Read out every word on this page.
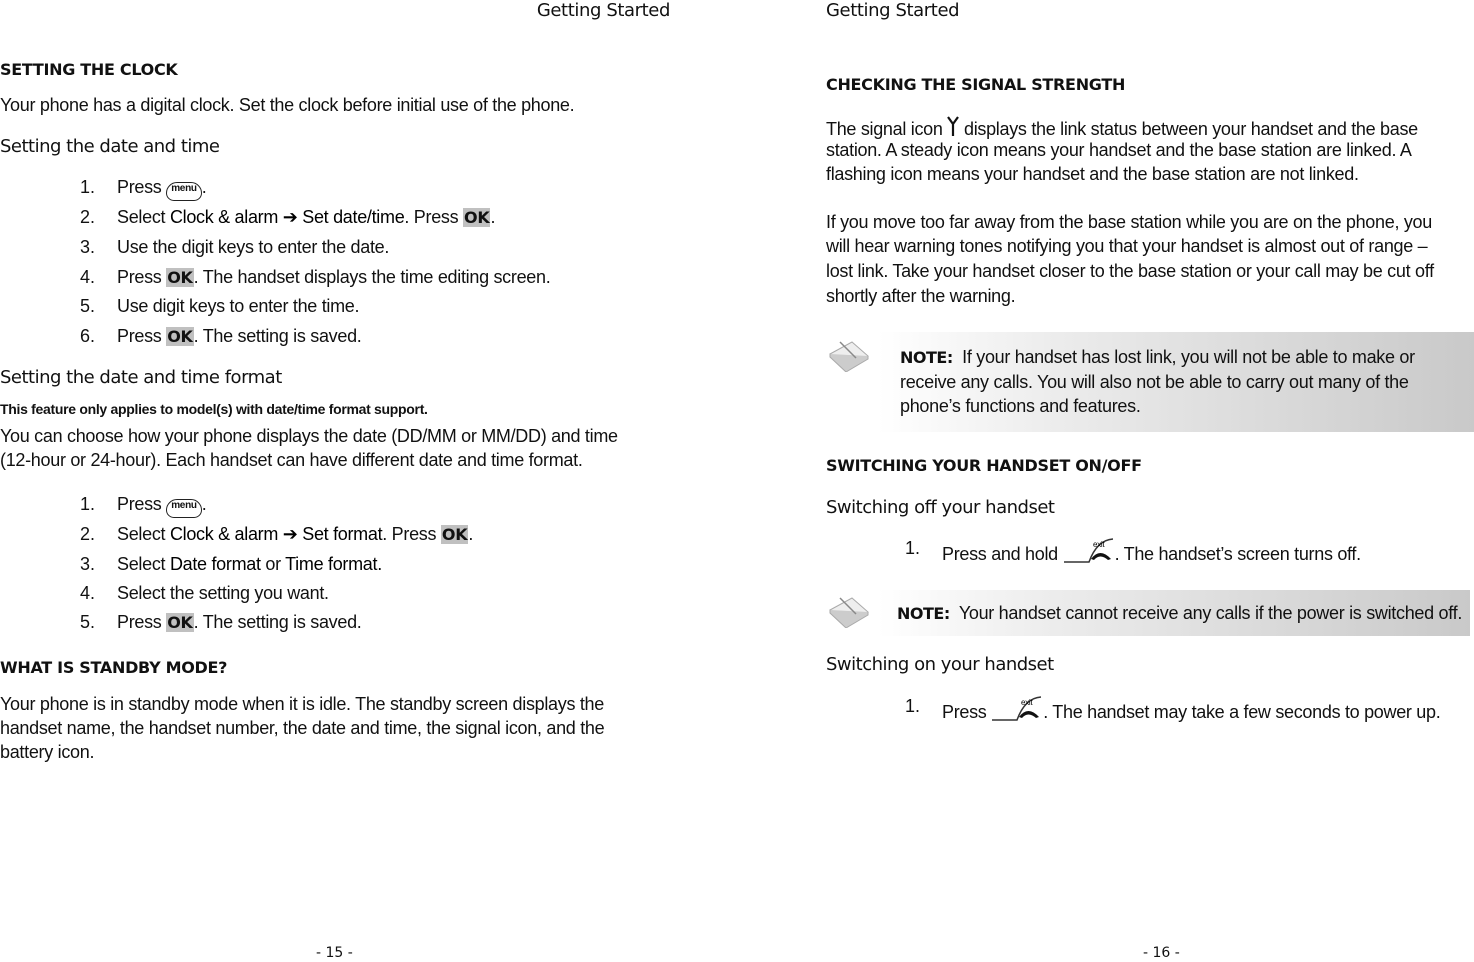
Getting Started
SETTING THE CLOCK
Your phone has a digital clock. Set the clock before initial use of the phone.
Setting the date and time
1. Press menu .
2. Select Clock & alarm ➔ Set date/time. Press OK.
3. Use the digit keys to enter the date.
4. Press OK. The handset displays the time editing screen.
5. Use digit keys to enter the time.
6. Press OK. The setting is saved.
Setting the date and time format
This feature only applies to model(s) with date/time format support.
You can choose how your phone displays the date (DD/MM or MM/DD) and time
(12-hour or 24-hour). Each handset can have different date and time format.
1. Press menu .
2. Select Clock & alarm ➔ Set format. Press OK.
3. Select Date format or Time format.
4. Select the setting you want.
5. Press OK. The setting is saved.
WHAT IS STANDBY MODE?
Your phone is in standby mode when it is idle. The standby screen displays the
handset name, the handset number, the date and time, the signal icon, and the
battery icon.
- 15 -
Getting Started
CHECKING THE SIGNAL STRENGTH
The signal icon  displays the link status between your handset and the base
station. A steady icon means your handset and the base station are linked. A
flashing icon means your handset and the base station are not linked.
If you move too far away from the base station while you are on the phone, you
will hear warning tones notifying you that your handset is almost out of range –
lost link. Take your handset closer to the base station or your call may be cut off
shortly after the warning.
NOTE: If your handset has lost link, you will not be able to make or
receive any calls. You will also not be able to carry out many of the
phone’s functions and features.
SWITCHING YOUR HANDSET ON/OFF
Switching off your handset
1. Press and hold	exit . The handset’s screen turns off.
NOTE: Your handset cannot receive any calls if the power is switched off.
Switching on your handset
1. Press	exit . The handset may take a few seconds to power up.
- 16 -
